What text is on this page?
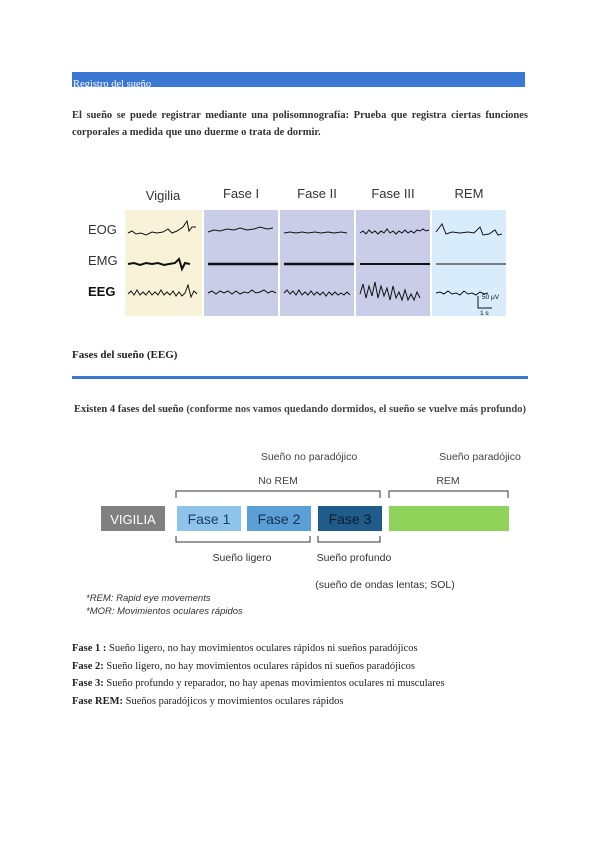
Registro del sueño
El sueño se puede registrar mediante una polisomnografía: Prueba que registra ciertas funciones corporales a medida que uno duerme o trata de dormir.
Vigilia	Fase I	Fase II	Fase III	REM
EOG
EMG
EEG	50 μV
1 s
Fases del sueño (EEG)
Existen 4 fases del sueño (conforme nos vamos quedando dormidos, el sueño se vuelve más profundo)
Sueño no paradójico	Sueño paradójico
No REM	REM
VIGILIA Fase 1 Fase 2 Fase 3
Sueño ligero	Sueño profundo
(sueño de ondas lentas; SOL)
*REM: Rapid eye movements
*MOR: Movimientos oculares rápidos
Fase 1 : Sueño ligero, no hay movimientos oculares rápidos ni sueños paradójicos
Fase 2: Sueño ligero, no hay movimientos oculares rápidos ni sueños paradójicos
Fase 3: Sueño profundo y reparador, no hay apenas movimientos oculares ni musculares
Fase REM: Sueños paradójicos y movimientos oculares rápidos
